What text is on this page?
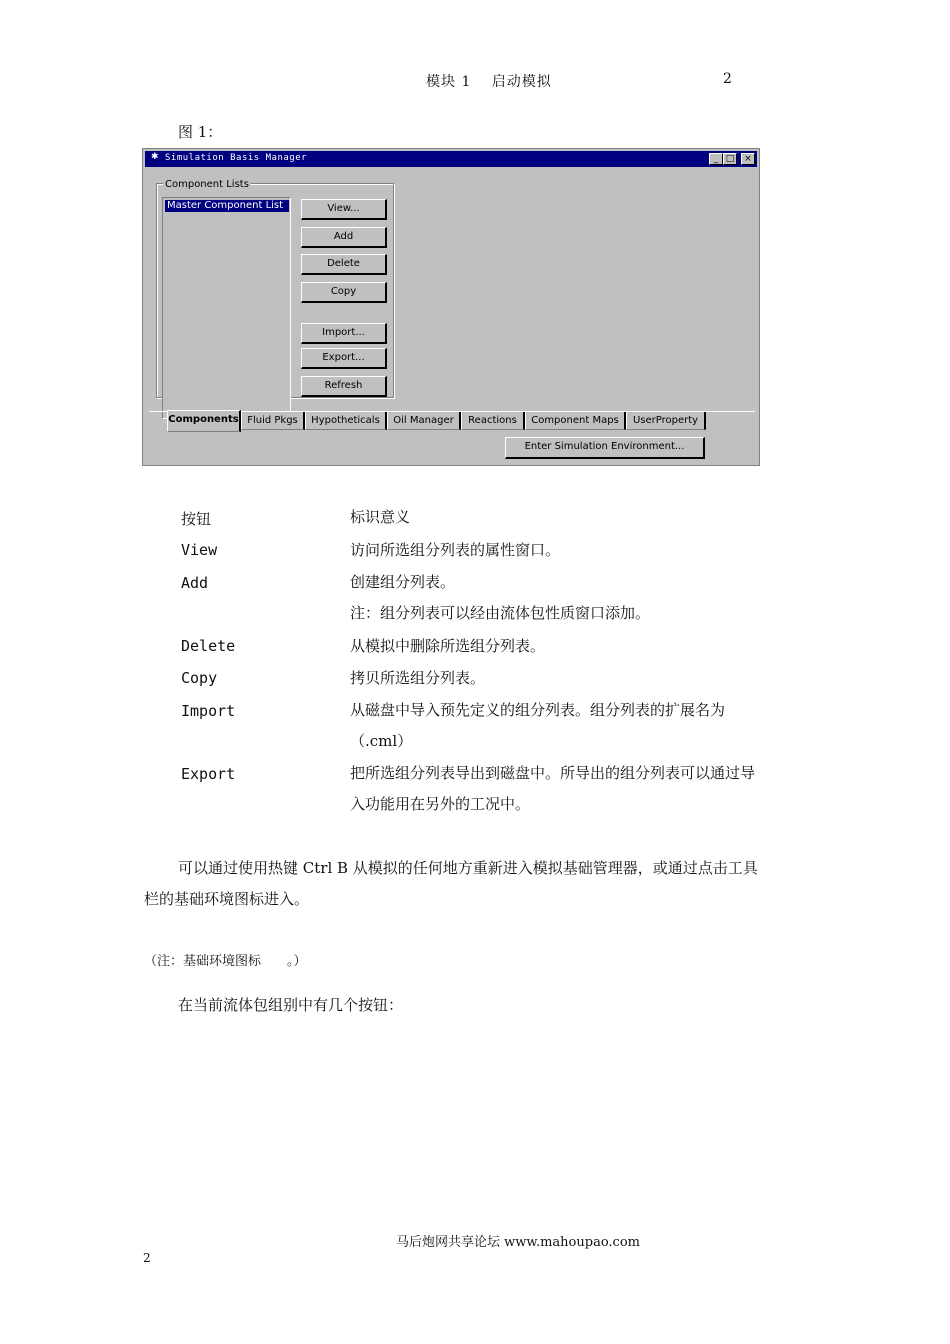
模块 1　 启动模拟	2
图 1：
✱ Simulation Basis Manager	_ □	×
Component Lists
Master Component List	View...
Add
Delete
Copy
Import...
Export...
Refresh
Components Fluid Pkgs	Hypotheticals	Oil Manager	Reactions	Component Maps	UserProperty
Enter Simulation Environment...
按钮	标识意义
View	访问所选组分列表的属性窗口。
Add	创建组分列表。
注：组分列表可以经由流体包性质窗口添加。
Delete	从模拟中删除所选组分列表。
Copy	拷贝所选组分列表。
Import	从磁盘中导入预先定义的组分列表。组分列表的扩展名为（.cml）
Export	把所选组分列表导出到磁盘中。所导出的组分列表可以通过导入功能用在另外的工况中。
可以通过使用热键 Ctrl B 从模拟的任何地方重新进入模拟基础管理器，或通过点击工具栏的基础环境图标进入。
（注：基础环境图标　　。）
在当前流体包组别中有几个按钮：
马后炮网共享论坛 www.mahoupao.com
2
